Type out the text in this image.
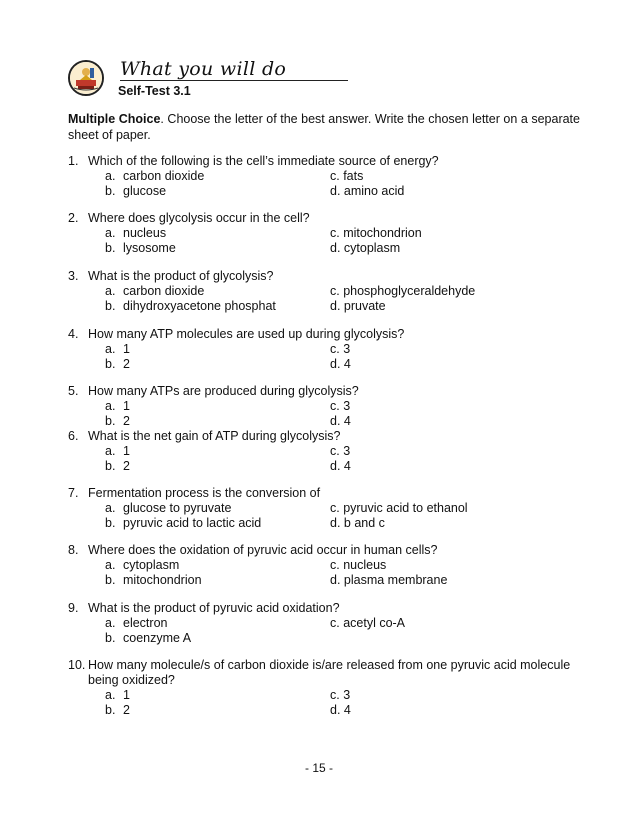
What you will do
Self-Test 3.1
Multiple Choice. Choose the letter of the best answer. Write the chosen letter on a separate sheet of paper.
1. Which of the following is the cell’s immediate source of energy?
a. carbon dioxide	c. fats
b. glucose	d. amino acid
2. Where does glycolysis occur in the cell?
a. nucleus	c. mitochondrion
b. lysosome	d. cytoplasm
3. What is the product of glycolysis?
a. carbon dioxide	c. phosphoglyceraldehyde
b. dihydroxyacetone phosphat	d. pruvate
4. How many ATP molecules are used up during glycolysis?
a. 1	c. 3
b. 2	d. 4
5. How many ATPs are produced during glycolysis?
a. 1	c. 3
b. 2	d. 4
6. What is the net gain of ATP during glycolysis?
a. 1	c. 3
b. 2	d. 4
7. Fermentation process is the conversion of
a. glucose to pyruvate	c. pyruvic acid to ethanol
b. pyruvic acid to lactic acid	d. b and c
8. Where does the oxidation of pyruvic acid occur in human cells?
a. cytoplasm	c. nucleus
b. mitochondrion	d. plasma membrane
9. What is the product of pyruvic acid oxidation?
a. electron	c. acetyl co-A
b. coenzyme A
10. How many molecule/s of carbon dioxide is/are released from one pyruvic acid molecule being oxidized?
a. 1	c. 3
b. 2	d. 4
- 15 -
